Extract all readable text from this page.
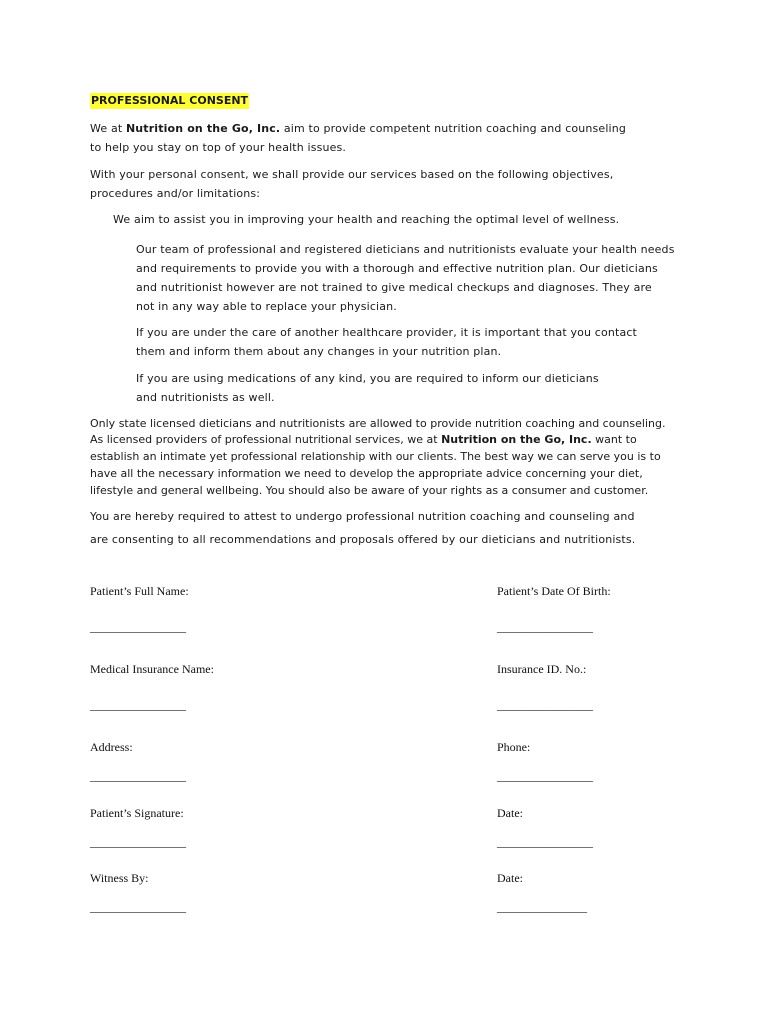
PROFESSIONAL CONSENT
We at Nutrition on the Go, Inc. aim to provide competent nutrition coaching and counseling
to help you stay on top of your health issues.
With your personal consent, we shall provide our services based on the following objectives,
procedures and/or limitations:
We aim to assist you in improving your health and reaching the optimal level of wellness.
Our team of professional and registered dieticians and nutritionists evaluate your health needs
and requirements to provide you with a thorough and effective nutrition plan. Our dieticians
and nutritionist however are not trained to give medical checkups and diagnoses. They are
not in any way able to replace your physician.
If you are under the care of another healthcare provider, it is important that you contact
them and inform them about any changes in your nutrition plan.
If you are using medications of any kind, you are required to inform our dieticians
and nutritionists as well.
Only state licensed dieticians and nutritionists are allowed to provide nutrition coaching and counseling.
As licensed providers of professional nutritional services, we at Nutrition on the Go, Inc. want to
establish an intimate yet professional relationship with our clients. The best way we can serve you is to
have all the necessary information we need to develop the appropriate advice concerning your diet,
lifestyle and general wellbeing. You should also be aware of your rights as a consumer and customer.
You are hereby required to attest to undergo professional nutrition coaching and counseling and
are consenting to all recommendations and proposals offered by our dieticians and nutritionists.
Patient’s Full Name:	Patient’s Date Of Birth:
________________	________________
Medical Insurance Name:	Insurance ID. No.:
________________	________________
Address:	Phone:
________________	________________
Patient’s Signature:	Date:
________________	________________
Witness By:	Date:
________________	_______________
